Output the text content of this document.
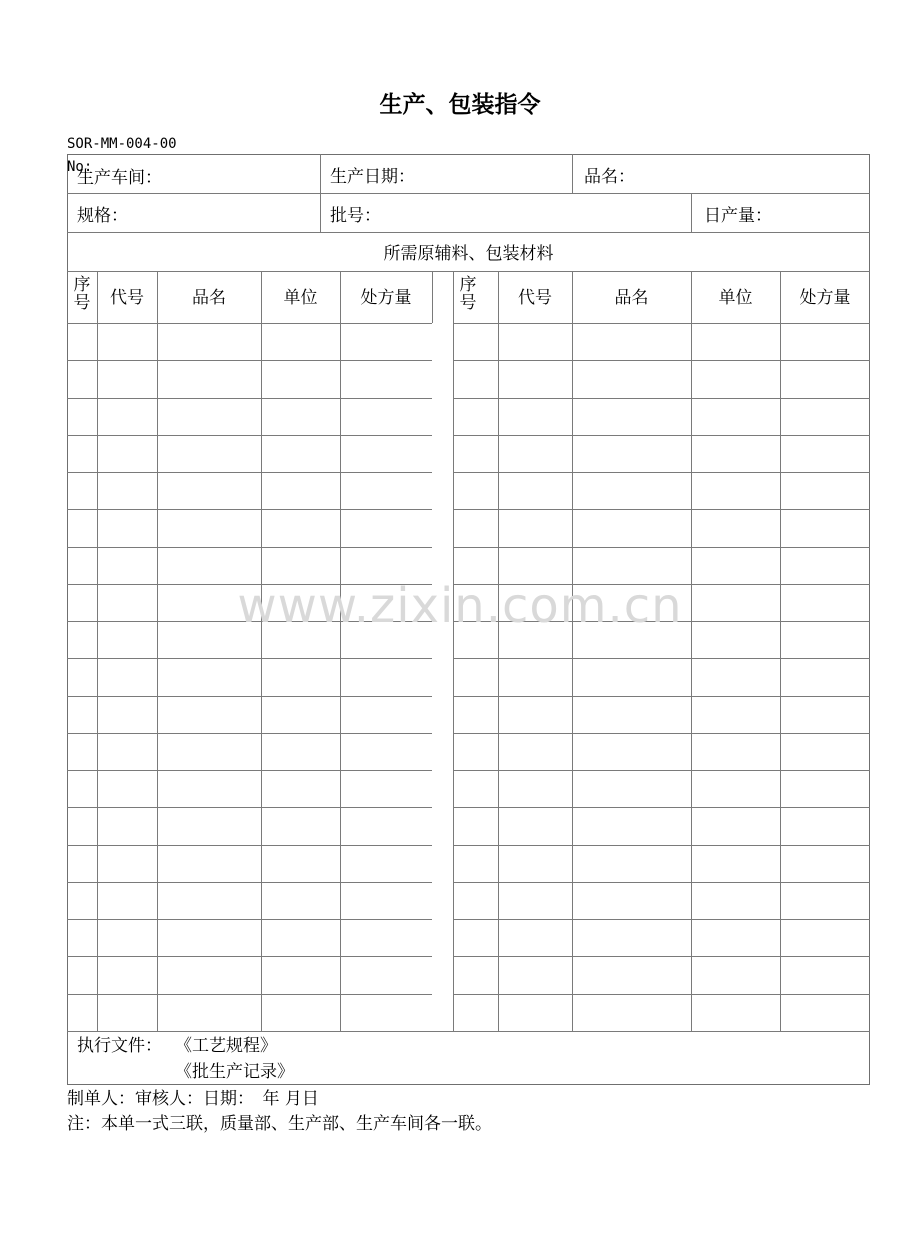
生产、包装指令
SOR-MM-004-00No:
生产车间：	生产日期：	品名：
规格：	批号：	日产量：
所需原辅料、包装材料
序号	代号	品名	单位	处方量
序号	代号	品名	单位	处方量
执行文件： 《工艺规程》
《批生产记录》
制单人：审核人：日期：　年 月日
注：本单一式三联，质量部、生产部、生产车间各一联。
www.zixin.com.cn
